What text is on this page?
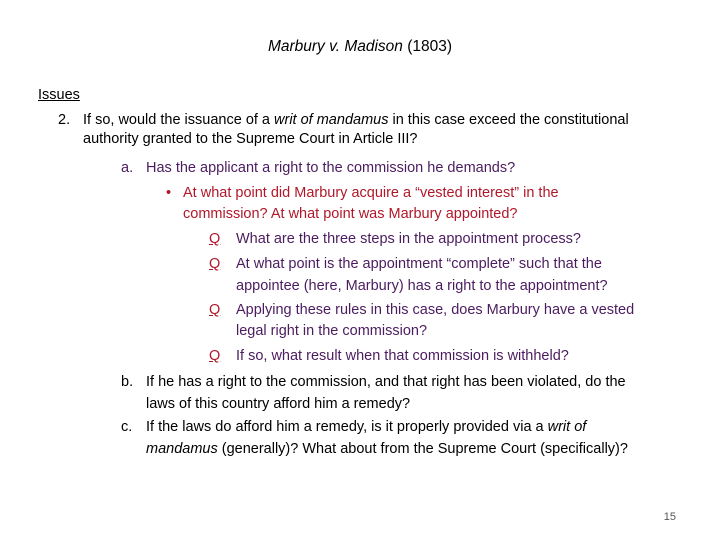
Marbury v. Madison (1803)
Issues
2. If so, would the issuance of a writ of mandamus in this case exceed the constitutional
authority granted to the Supreme Court in Article III?
a. Has the applicant a right to the commission he demands?
• At what point did Marbury acquire a “vested interest” in the
commission? At what point was Marbury appointed?
Q What are the three steps in the appointment process?
Q At what point is the appointment “complete” such that the
appointee (here, Marbury) has a right to the appointment?
Q Applying these rules in this case, does Marbury have a vested
legal right in the commission?
Q If so, what result when that commission is withheld?
b. If he has a right to the commission, and that right has been violated, do the
laws of this country afford him a remedy?
c. If the laws do afford him a remedy, is it properly provided via a writ of
mandamus (generally)? What about from the Supreme Court (specifically)?
15
